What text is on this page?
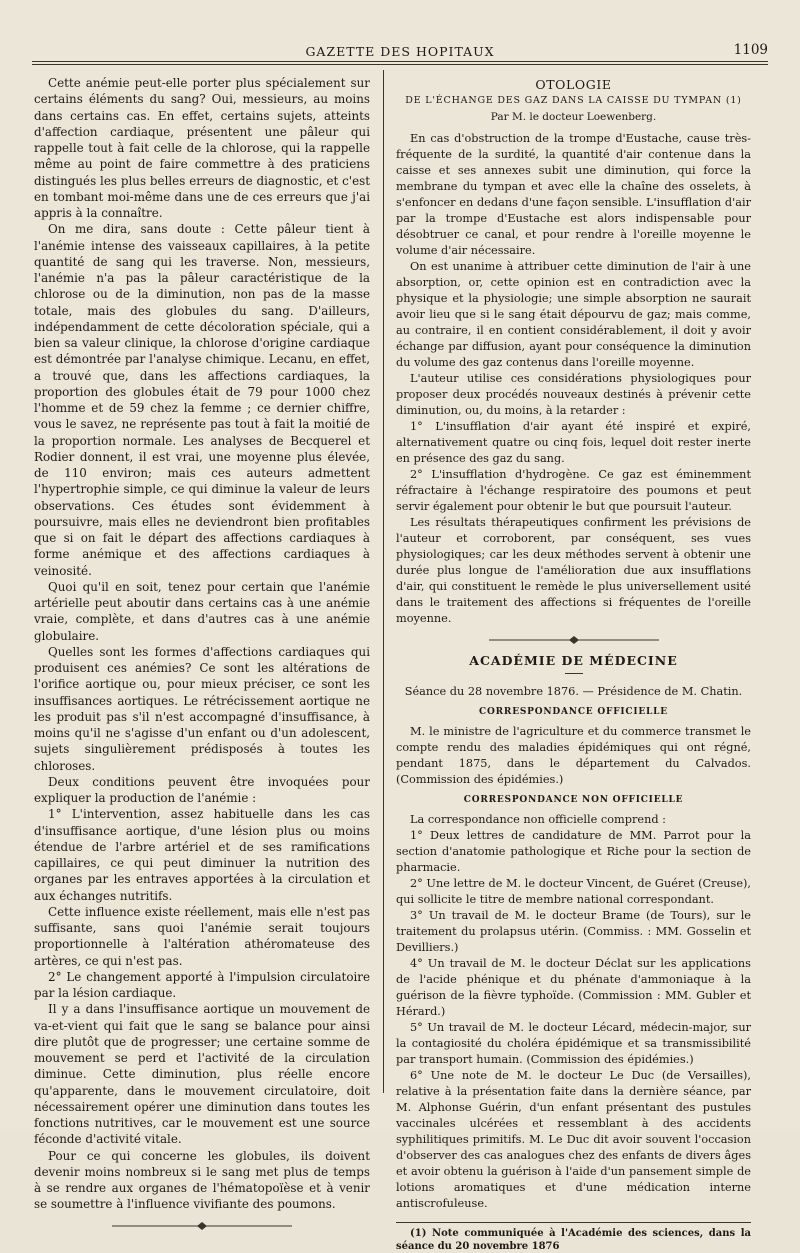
GAZETTE DES HOPITAUX	1109

Cette anémie peut-elle porter plus spécialement sur certains éléments du sang? Oui, messieurs, au moins dans certains cas. En effet, certains sujets, atteints d'affection cardiaque, présentent une pâleur qui rappelle tout à fait celle de la chlorose, qui la rappelle même au point de faire commettre à des praticiens distingués les plus belles erreurs de diagnostic, et c'est en tombant moi-même dans une de ces erreurs que j'ai appris à la connaître.

On me dira, sans doute : Cette pâleur tient à l'anémie intense des vaisseaux capillaires, à la petite quantité de sang qui les traverse. Non, messieurs, l'anémie n'a pas la pâleur caractéristique de la chlorose ou de la diminution, non pas de la masse totale, mais des globules du sang. D'ailleurs, indépendamment de cette décoloration spéciale, qui a bien sa valeur clinique, la chlorose d'origine cardiaque est démontrée par l'analyse chimique. Lecanu, en effet, a trouvé que, dans les affections cardiaques, la proportion des globules était de 79 pour 1000 chez l'homme et de 59 chez la femme ; ce dernier chiffre, vous le savez, ne représente pas tout à fait la moitié de la proportion normale. Les analyses de Becquerel et Rodier donnent, il est vrai, une moyenne plus élevée, de 110 environ; mais ces auteurs admettent l'hypertrophie simple, ce qui diminue la valeur de leurs observations. Ces études sont évidemment à poursuivre, mais elles ne deviendront bien profitables que si on fait le départ des affections cardiaques à forme anémique et des affections cardiaques à veinosité.

Quoi qu'il en soit, tenez pour certain que l'anémie artérielle peut aboutir dans certains cas à une anémie vraie, complète, et dans d'autres cas à une anémie globulaire.

Quelles sont les formes d'affections cardiaques qui produisent ces anémies? Ce sont les altérations de l'orifice aortique ou, pour mieux préciser, ce sont les insuffisances aortiques. Le rétrécissement aortique ne les produit pas s'il n'est accompagné d'insuffisance, à moins qu'il ne s'agisse d'un enfant ou d'un adolescent, sujets singulièrement prédisposés à toutes les chloroses.

Deux conditions peuvent être invoquées pour expliquer la production de l'anémie :

1° L'intervention, assez habituelle dans les cas d'insuffisance aortique, d'une lésion plus ou moins étendue de l'arbre artériel et de ses ramifications capillaires, ce qui peut diminuer la nutrition des organes par les entraves apportées à la circulation et aux échanges nutritifs.

Cette influence existe réellement, mais elle n'est pas suffisante, sans quoi l'anémie serait toujours proportionnelle à l'altération athéromateuse des artères, ce qui n'est pas.

2° Le changement apporté à l'impulsion circulatoire par la lésion cardiaque.

Il y a dans l'insuffisance aortique un mouvement de va-et-vient qui fait que le sang se balance pour ainsi dire plutôt que de progresser; une certaine somme de mouvement se perd et l'activité de la circulation diminue. Cette diminution, plus réelle encore qu'apparente, dans le mouvement circulatoire, doit nécessairement opérer une diminution dans toutes les fonctions nutritives, car le mouvement est une source féconde d'activité vitale.

Pour ce qui concerne les globules, ils doivent devenir moins nombreux si le sang met plus de temps à se rendre aux organes de l'hématopoïèse et à venir se soumettre à l'influence vivifiante des poumons.

OTOLOGIE

DE L'ÉCHANGE DES GAZ DANS LA CAISSE DU TYMPAN (1)

Par M. le docteur Loewenberg.

En cas d'obstruction de la trompe d'Eustache, cause très-fréquente de la surdité, la quantité d'air contenue dans la caisse et ses annexes subit une diminution, qui force la membrane du tympan et avec elle la chaîne des osselets, à s'enfoncer en dedans d'une façon sensible. L'insufflation d'air par la trompe d'Eustache est alors indispensable pour désobtruer ce canal, et pour rendre à l'oreille moyenne le volume d'air nécessaire.

On est unanime à attribuer cette diminution de l'air à une absorption, or, cette opinion est en contradiction avec la physique et la physiologie; une simple absorption ne saurait avoir lieu que si le sang était dépourvu de gaz; mais comme, au contraire, il en contient considérablement, il doit y avoir échange par diffusion, ayant pour conséquence la diminution du volume des gaz contenus dans l'oreille moyenne.

L'auteur utilise ces considérations physiologiques pour proposer deux procédés nouveaux destinés à prévenir cette diminution, ou, du moins, à la retarder :

1° L'insufflation d'air ayant été inspiré et expiré, alternativement quatre ou cinq fois, lequel doit rester inerte en présence des gaz du sang.

2° L'insufflation d'hydrogène. Ce gaz est éminemment réfractaire à l'échange respiratoire des poumons et peut servir également pour obtenir le but que poursuit l'auteur.

Les résultats thérapeutiques confirment les prévisions de l'auteur et corroborent, par conséquent, ses vues physiologiques; car les deux méthodes servent à obtenir une durée plus longue de l'amélioration due aux insufflations d'air, qui constituent le remède le plus universellement usité dans le traitement des affections si fréquentes de l'oreille moyenne.

ACADÉMIE DE MÉDECINE

Séance du 28 novembre 1876. — Présidence de M. Chatin.

CORRESPONDANCE OFFICIELLE

M. le ministre de l'agriculture et du commerce transmet le compte rendu des maladies épidémiques qui ont régné, pendant 1875, dans le département du Calvados. (Commission des épidémies.)

CORRESPONDANCE NON OFFICIELLE

La correspondance non officielle comprend :

1° Deux lettres de candidature de MM. Parrot pour la section d'anatomie pathologique et Riche pour la section de pharmacie.

2° Une lettre de M. le docteur Vincent, de Guéret (Creuse), qui sollicite le titre de membre national correspondant.

3° Un travail de M. le docteur Brame (de Tours), sur le traitement du prolapsus utérin. (Commiss. : MM. Gosselin et Devilliers.)

4° Un travail de M. le docteur Déclat sur les applications de l'acide phénique et du phénate d'ammoniaque à la guérison de la fièvre typhoïde. (Commission : MM. Gubler et Hérard.)

5° Un travail de M. le docteur Lécard, médecin-major, sur la contagiosité du choléra épidémique et sa transmissibilité par transport humain. (Commission des épidémies.)

6° Une note de M. le docteur Le Duc (de Versailles), relative à la présentation faite dans la dernière séance, par M. Alphonse Guérin, d'un enfant présentant des pustules vaccinales ulcérées et ressemblant à des accidents syphilitiques primitifs. M. Le Duc dit avoir souvent l'occasion d'observer des cas analogues chez des enfants de divers âges et avoir obtenu la guérison à l'aide d'un pansement simple de lotions aromatiques et d'une médication interne antiscrofuleuse.

(1) Note communiquée à l'Académie des sciences, dans la séance du 20 novembre 1876
